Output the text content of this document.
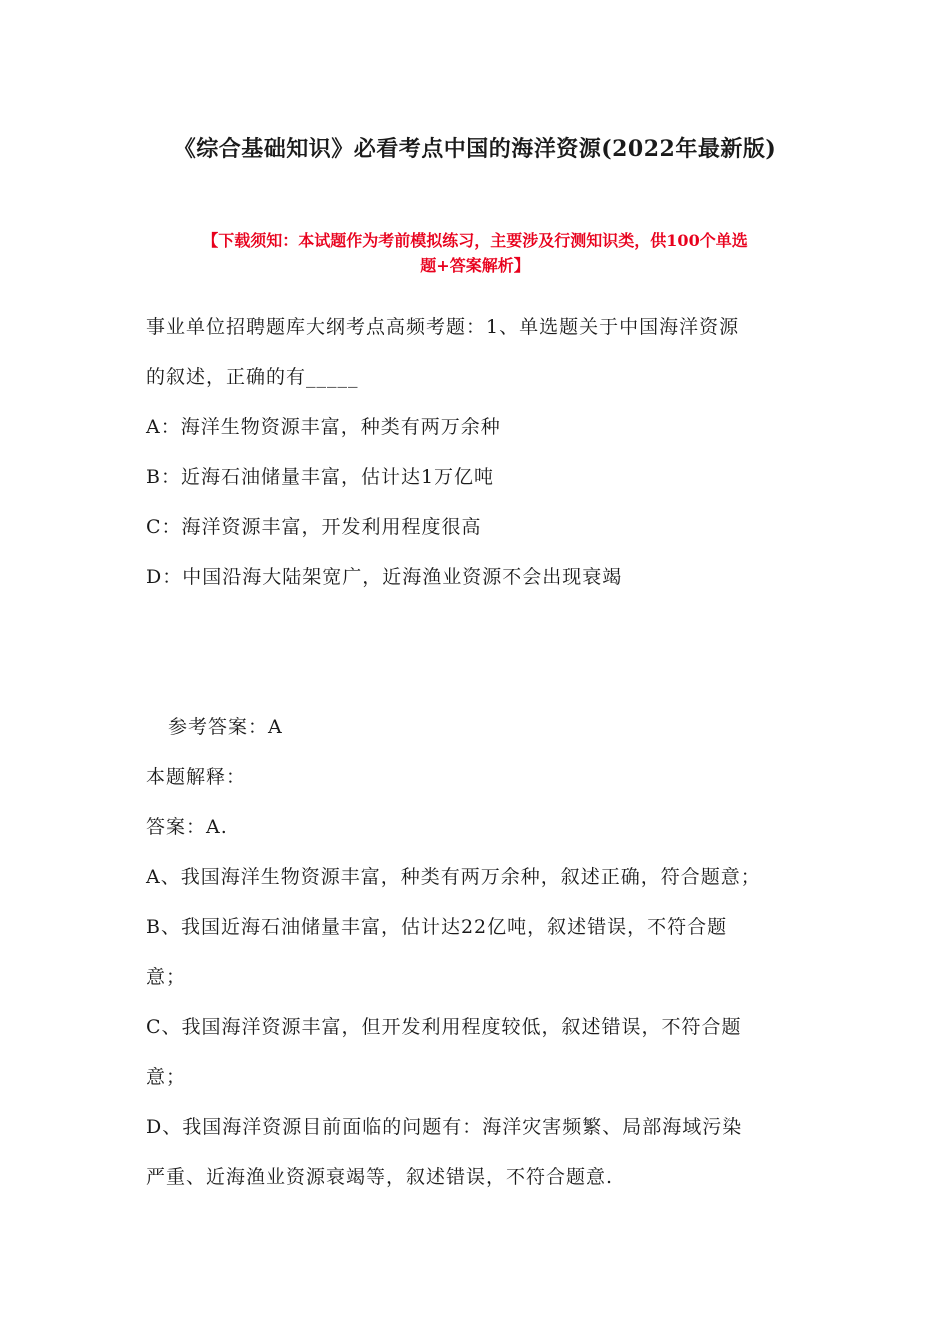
《综合基础知识》必看考点中国的海洋资源(2022年最新版)
【下载须知：本试题作为考前模拟练习，主要涉及行测知识类，供100个单选
题+答案解析】
事业单位招聘题库大纲考点高频考题：1、单选题关于中国海洋资源
的叙述，正确的有_____
A：海洋生物资源丰富，种类有两万余种
B：近海石油储量丰富，估计达1万亿吨
C：海洋资源丰富，开发利用程度很高
D：中国沿海大陆架宽广，近海渔业资源不会出现衰竭
参考答案：A
本题解释：
答案：A.
A、我国海洋生物资源丰富，种类有两万余种，叙述正确，符合题意；
B、我国近海石油储量丰富，估计达22亿吨，叙述错误，不符合题
意；
C、我国海洋资源丰富，但开发利用程度较低，叙述错误，不符合题
意；
D、我国海洋资源目前面临的问题有：海洋灾害频繁、局部海域污染
严重、近海渔业资源衰竭等，叙述错误，不符合题意.
